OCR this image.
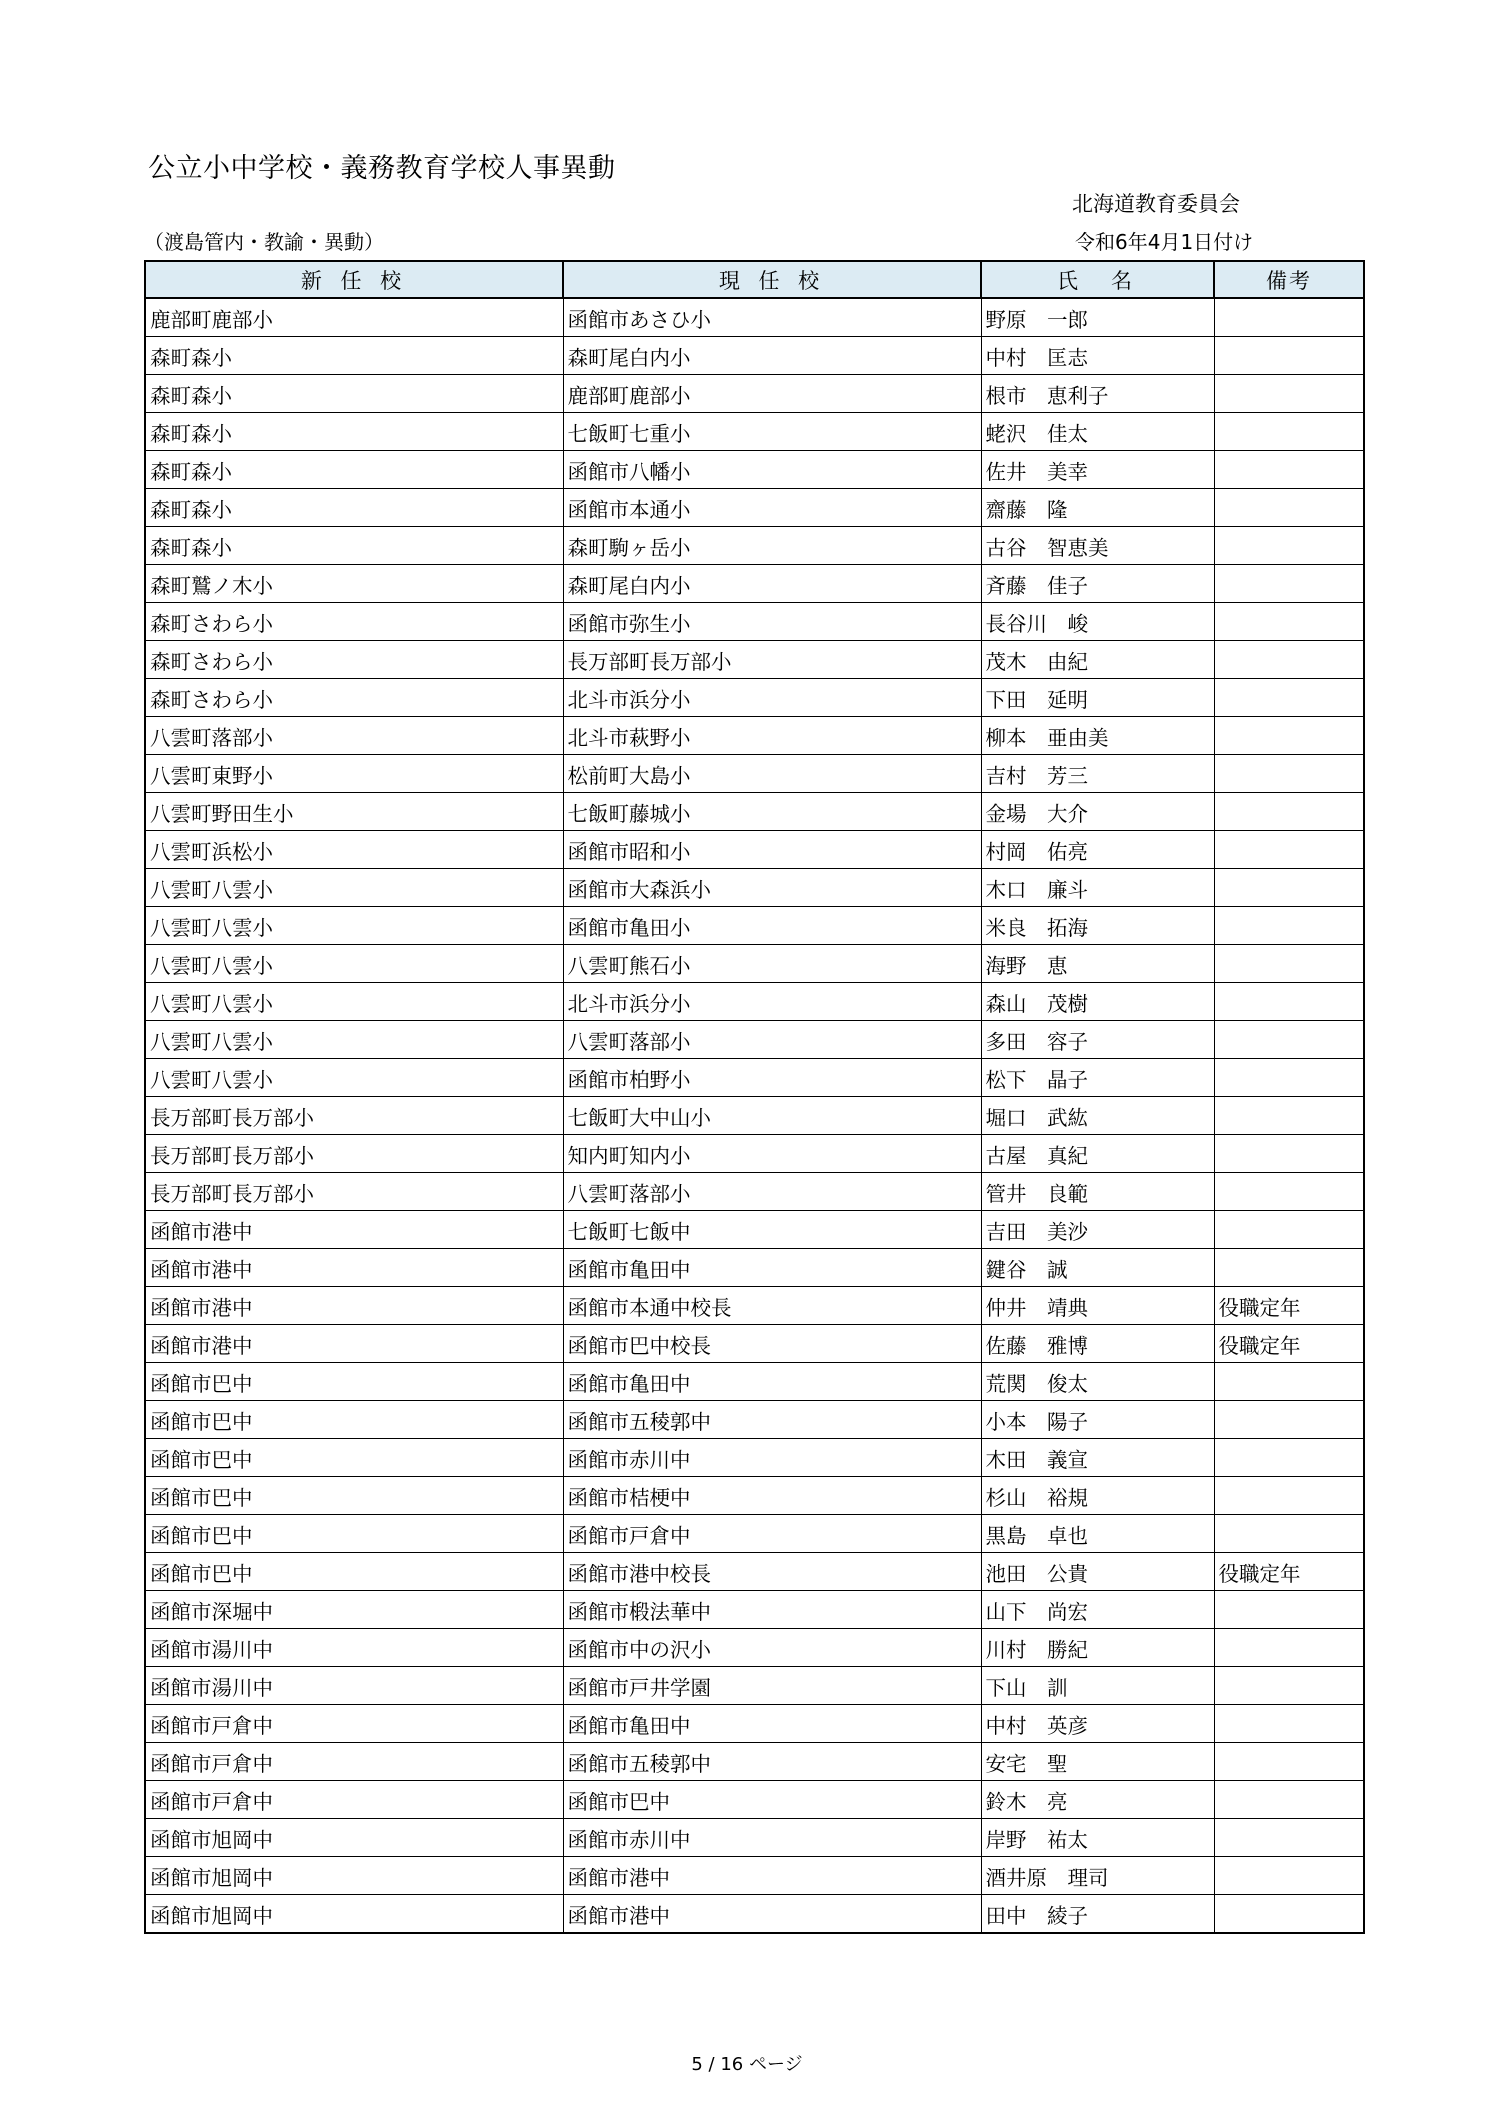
公立小中学校・義務教育学校人事異動
北海道教育委員会
（渡島管内・教諭・異動）	令和6年4月1日付け
新 任 校	現 任 校	氏　名	備考
鹿部町鹿部小	函館市あさひ小	野原　一郎	
森町森小	森町尾白内小	中村　匡志	
森町森小	鹿部町鹿部小	根市　恵利子	
森町森小	七飯町七重小	蛯沢　佳太	
森町森小	函館市八幡小	佐井　美幸	
森町森小	函館市本通小	齋藤　隆	
森町森小	森町駒ヶ岳小	古谷　智恵美	
森町鷲ノ木小	森町尾白内小	斉藤　佳子	
森町さわら小	函館市弥生小	長谷川　峻	
森町さわら小	長万部町長万部小	茂木　由紀	
森町さわら小	北斗市浜分小	下田　延明	
八雲町落部小	北斗市萩野小	柳本　亜由美	
八雲町東野小	松前町大島小	吉村　芳三	
八雲町野田生小	七飯町藤城小	金場　大介	
八雲町浜松小	函館市昭和小	村岡　佑亮	
八雲町八雲小	函館市大森浜小	木口　廉斗	
八雲町八雲小	函館市亀田小	米良　拓海	
八雲町八雲小	八雲町熊石小	海野　恵	
八雲町八雲小	北斗市浜分小	森山　茂樹	
八雲町八雲小	八雲町落部小	多田　容子	
八雲町八雲小	函館市柏野小	松下　晶子	
長万部町長万部小	七飯町大中山小	堀口　武紘	
長万部町長万部小	知内町知内小	古屋　真紀	
長万部町長万部小	八雲町落部小	管井　良範	
函館市港中	七飯町七飯中	吉田　美沙	
函館市港中	函館市亀田中	鍵谷　誠	
函館市港中	函館市本通中校長	仲井　靖典	役職定年
函館市港中	函館市巴中校長	佐藤　雅博	役職定年
函館市巴中	函館市亀田中	荒関　俊太	
函館市巴中	函館市五稜郭中	小本　陽子	
函館市巴中	函館市赤川中	木田　義宣	
函館市巴中	函館市桔梗中	杉山　裕規	
函館市巴中	函館市戸倉中	黒島　卓也	
函館市巴中	函館市港中校長	池田　公貴	役職定年
函館市深堀中	函館市椴法華中	山下　尚宏	
函館市湯川中	函館市中の沢小	川村　勝紀	
函館市湯川中	函館市戸井学園	下山　訓	
函館市戸倉中	函館市亀田中	中村　英彦	
函館市戸倉中	函館市五稜郭中	安宅　聖	
函館市戸倉中	函館市巴中	鈴木　亮	
函館市旭岡中	函館市赤川中	岸野　祐太	
函館市旭岡中	函館市港中	酒井原　理司	
函館市旭岡中	函館市港中	田中　綾子	
5 / 16 ページ
